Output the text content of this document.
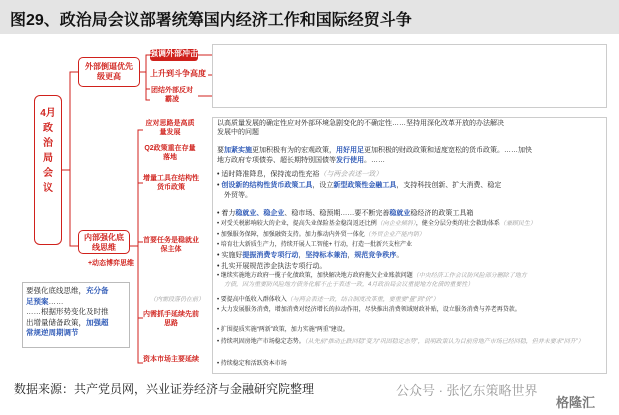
图29、政治局会议部署统筹国内经济工作和国际经贸斗争
4月政治局会议
外部倒逼优先级更高
强调外部冲击
上升到斗争高度
团结外部反对霸凌
内部强化底线思维
+动态博弈思维
要强化底线思维，充分备
足预案……
……根据形势变化及时推
出增量储备政策，加强超
常规逆周期调节
应对思路是高质量发展
以高质量发展的确定性应对外部环境急剧变化的不确定性……坚持用深化改革开放的办法解决
发展中的问题
Q2政策重在存量落地
要加紧实施更加积极有为的宏观政策，用好用足更加积极的财政政策和适度宽松的货币政策。……加快
地方政府专项债券、超长期特别国债等发行使用。……
增量工具在结构性货币政策
• 适时降准降息，保持流动性充裕（与两会表述一致）
• 创设新的结构性货币政策工具，设立新型政策性金融工具，支持科技创新、扩大消费、稳定
外贸等。
首要任务是稳就业保主体
• 着力稳就业、稳企业、稳市场、稳预期……要不断完善稳就业稳经济的政策工具箱
• 对受关税影响较大的企业，提高失业保险基金稳岗返还比例（向企业倾斜），健全分层分类的社会救助体系（兼顾民生）
• 加强服务保障，加强融资支持。加力推动内外贸一体化（外贸企业产能内销）
• 培育壮大新质生产力，持续开展人工智能+ 行动，打造一批新兴支柱产业
• 实施好提振消费专项行动，坚持标本兼治，规范竞争秩序。
• 扎实开展规范涉企执法专项行动。
• 继续实施地方政府一揽子化债政策，加快解决地方政府拖欠企业账款问题（中央经济工作会议防风险部分删除了地方
方债，因为重要防风险地方债务化解不止于表述一致，4月政治局会议重提地方化债的重要性）
（内需段落仍在前）
内需抓手延续先前思路
• 要提高中低收入群体收入（与两会表述一致，结合制度改革重，要重要“量”到“价”）
• 大力发展服务消费，增加消费对经济增长的拉动作用，尽快推出消费领域财政补贴，设立服务消费与养老再贷款。
• 扩围提质实施“两新”政策，加力实施“两重”建设。
资本市场主要延续
• 持续巩固房地产市场稳定态势。（从先前“推动止跌回稳”变为“巩固稳定态势”，说明政策认为目前房地产市场已经回稳，但并未要求“回升”）
• 持续稳定和活跃资本市场
数据来源：共产党员网，兴业证券经济与金融研究院整理	公众号 · 张忆东策略世界
格隆汇
